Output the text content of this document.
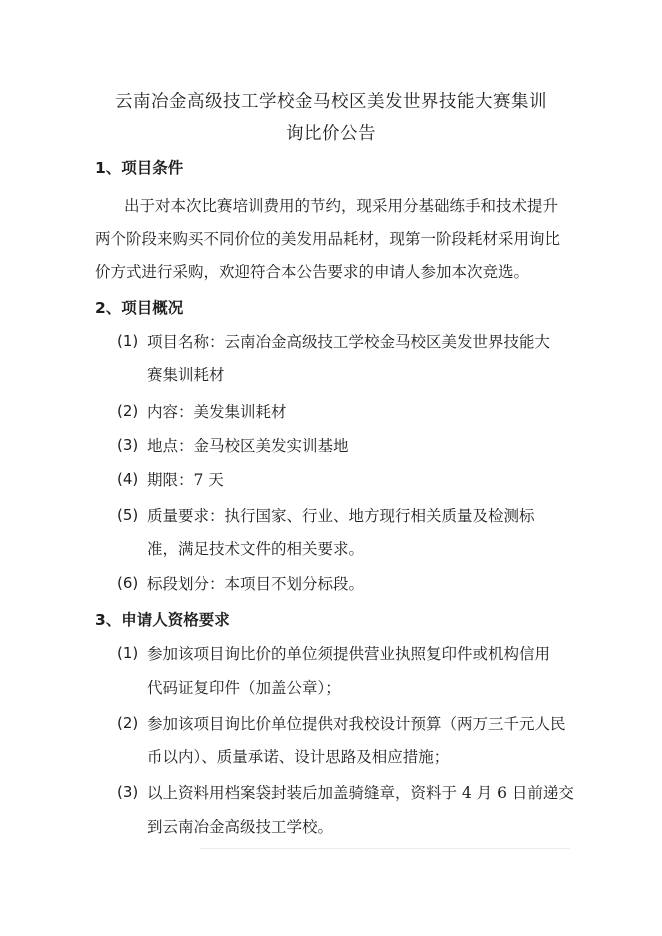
云南冶金高级技工学校金马校区美发世界技能大赛集训
询比价公告
1、项目条件
出于对本次比赛培训费用的节约，现采用分基础练手和技术提升
两个阶段来购买不同价位的美发用品耗材，现第一阶段耗材采用询比
价方式进行采购，欢迎符合本公告要求的申请人参加本次竞选。
2、项目概况
(1) 项目名称：云南冶金高级技工学校金马校区美发世界技能大
赛集训耗材
(2) 内容：美发集训耗材
(3) 地点：金马校区美发实训基地
(4) 期限：7 天
(5) 质量要求：执行国家、行业、地方现行相关质量及检测标
准，满足技术文件的相关要求。
(6) 标段划分：本项目不划分标段。
3、申请人资格要求
(1) 参加该项目询比价的单位须提供营业执照复印件或机构信用
代码证复印件（加盖公章）；
(2) 参加该项目询比价单位提供对我校设计预算（两万三千元人民
币以内）、质量承诺、设计思路及相应措施；
(3) 以上资料用档案袋封装后加盖骑缝章，资料于 4 月 6 日前递交
到云南冶金高级技工学校。
